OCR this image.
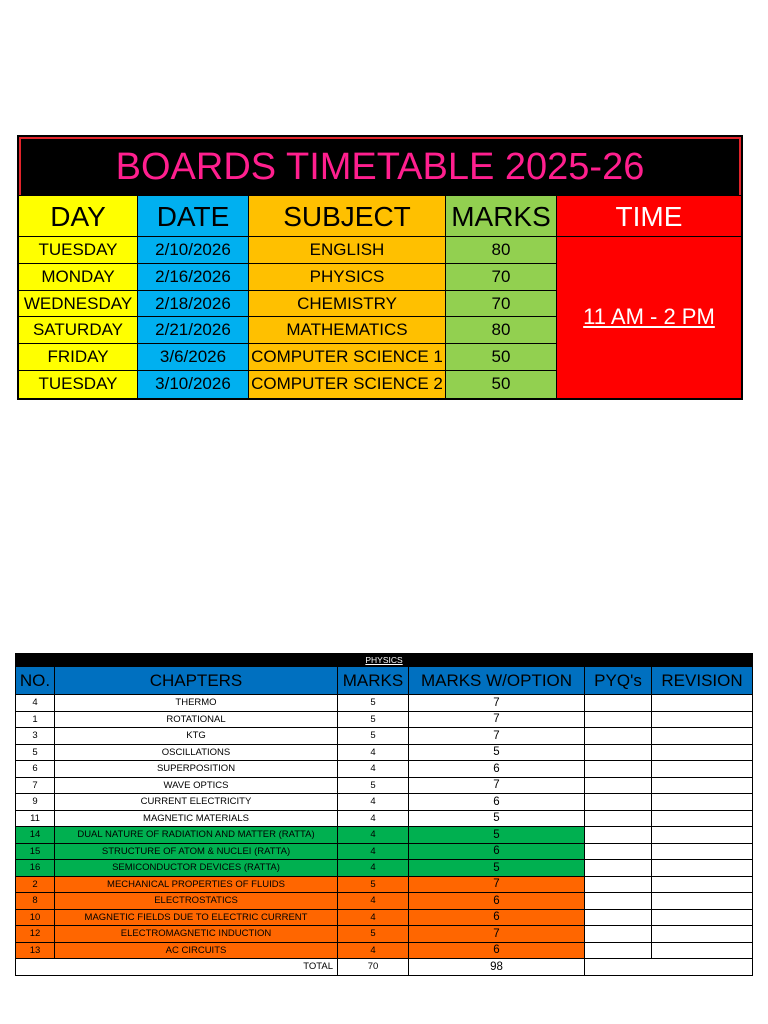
BOARDS TIMETABLE 2025-26
DAY	DATE	SUBJECT	MARKS	TIME
TUESDAY	2/10/2026	ENGLISH	80
11 AM - 2 PM
MONDAY	2/16/2026	PHYSICS	70
WEDNESDAY	2/18/2026	CHEMISTRY	70
SATURDAY	2/21/2026	MATHEMATICS	80
FRIDAY	3/6/2026	COMPUTER SCIENCE 1	50
TUESDAY	3/10/2026	COMPUTER SCIENCE 2	50
PHYSICS					
NO.	CHAPTERS	MARKS	MARKS W/OPTION	PYQ's	REVISION
4	THERMO	5	7		
1	ROTATIONAL	5	7		
3	KTG	5	7		
5	OSCILLATIONS	4	5		
6	SUPERPOSITION	4	6		
7	WAVE OPTICS	5	7		
9	CURRENT ELECTRICITY	4	6		
11	MAGNETIC MATERIALS	4	5		
14	DUAL NATURE OF RADIATION AND MATTER (RATTA)	4	5		
15	STRUCTURE OF ATOM & NUCLEI (RATTA)	4	6		
16	SEMICONDUCTOR DEVICES (RATTA)	4	5		
2	MECHANICAL PROPERTIES OF FLUIDS	5	7		
8	ELECTROSTATICS	4	6		
10	MAGNETIC FIELDS DUE TO ELECTRIC CURRENT	4	6		
12	ELECTROMAGNETIC INDUCTION	5	7		
13	AC CIRCUITS	4	6		
TOTAL		70	98		
